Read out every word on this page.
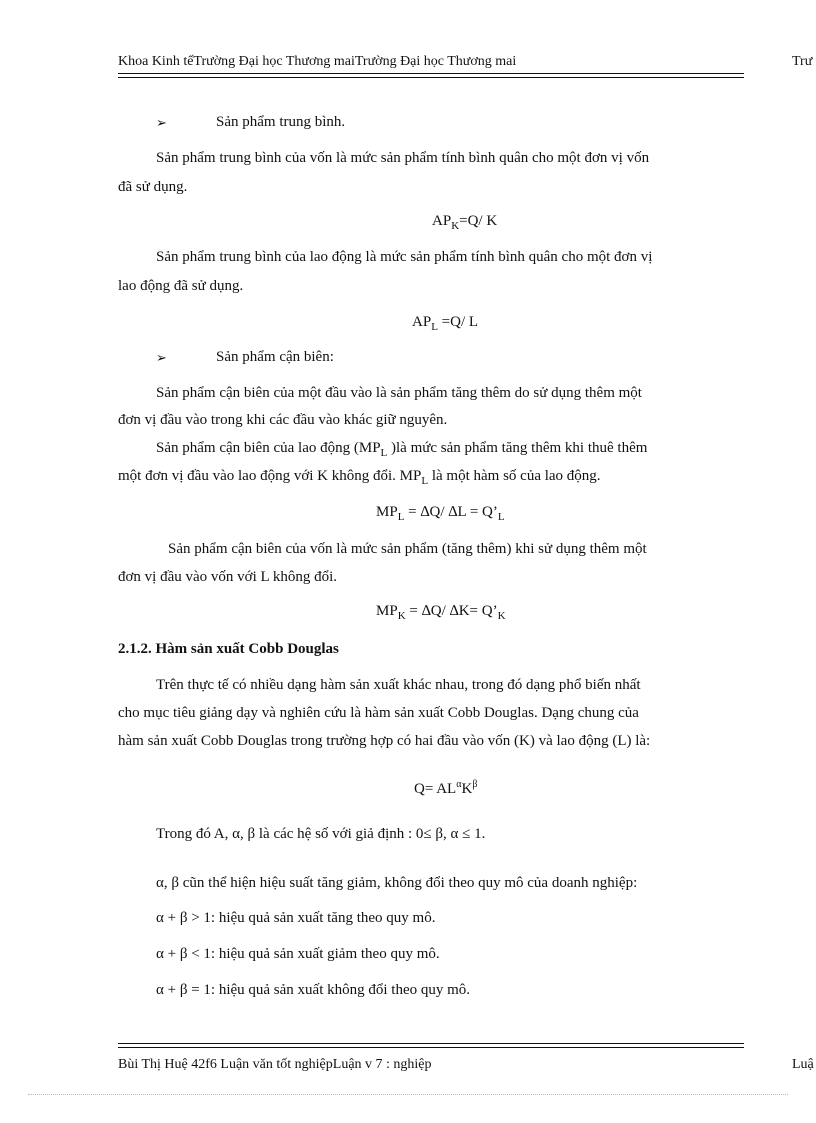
Khoa Kinh tếTrường Đại học Thương maiTrường Đại học Thương mai	Trư
➢	Sản phẩm trung bình.
Sản phẩm trung bình của vốn là mức sản phẩm tính bình quân cho một đơn vị vốn
đã sử dụng.
$AP_K=Q/$ K
Sản phẩm trung bình của lao động là mức sản phẩm tính bình quân cho một đơn vị
lao động đã sử dụng.
$AP_L =Q/$ L
➢	Sản phẩm cận biên:
Sản phẩm cận biên của một đầu vào là sản phẩm tăng thêm do sử dụng thêm một
đơn vị đầu vào trong khi các đầu vào khác giữ nguyên.
Sản phẩm cận biên của lao động ($MP_L$ )là mức sản phẩm tăng thêm khi thuê thêm
một đơn vị đầu vào lao động với K không đổi. $MP_L$ là một hàm số của lao động.
$MP_L = \Delta Q/$ $\Delta L = Q’_L$
Sản phẩm cận biên của vốn là mức sản phẩm (tăng thêm) khi sử dụng thêm một
đơn vị đầu vào vốn với L không đổi.
$MP_K = \Delta Q/$ $\Delta K= Q’_K$
2.1.2. Hàm sản xuất Cobb Douglas
Trên thực tế có nhiều dạng hàm sản xuất khác nhau, trong đó dạng phổ biến nhất
cho mục tiêu giảng dạy và nghiên cứu là hàm sản xuất Cobb Douglas. Dạng chung của
hàm sản xuất Cobb Douglas trong trường hợp có hai đầu vào vốn (K) và lao động (L) là:
$Q= AL^\alpha K^\beta$
Trong đó A, α, β là các hệ số với giả định : 0≤ β, α ≤ 1.
α, β cũn thể hiện hiệu suất tăng giảm, không đổi theo quy mô của doanh nghiệp:
α + β > 1: hiệu quả sản xuất tăng theo quy mô.
α + β < 1: hiệu quả sản xuất giảm theo quy mô.
α + β = 1: hiệu quả sản xuất không đổi theo quy mô.
Bùi Thị Huệ 42f6 Luận văn tốt nghiệpLuận v 7 : nghiệp	Luậ
